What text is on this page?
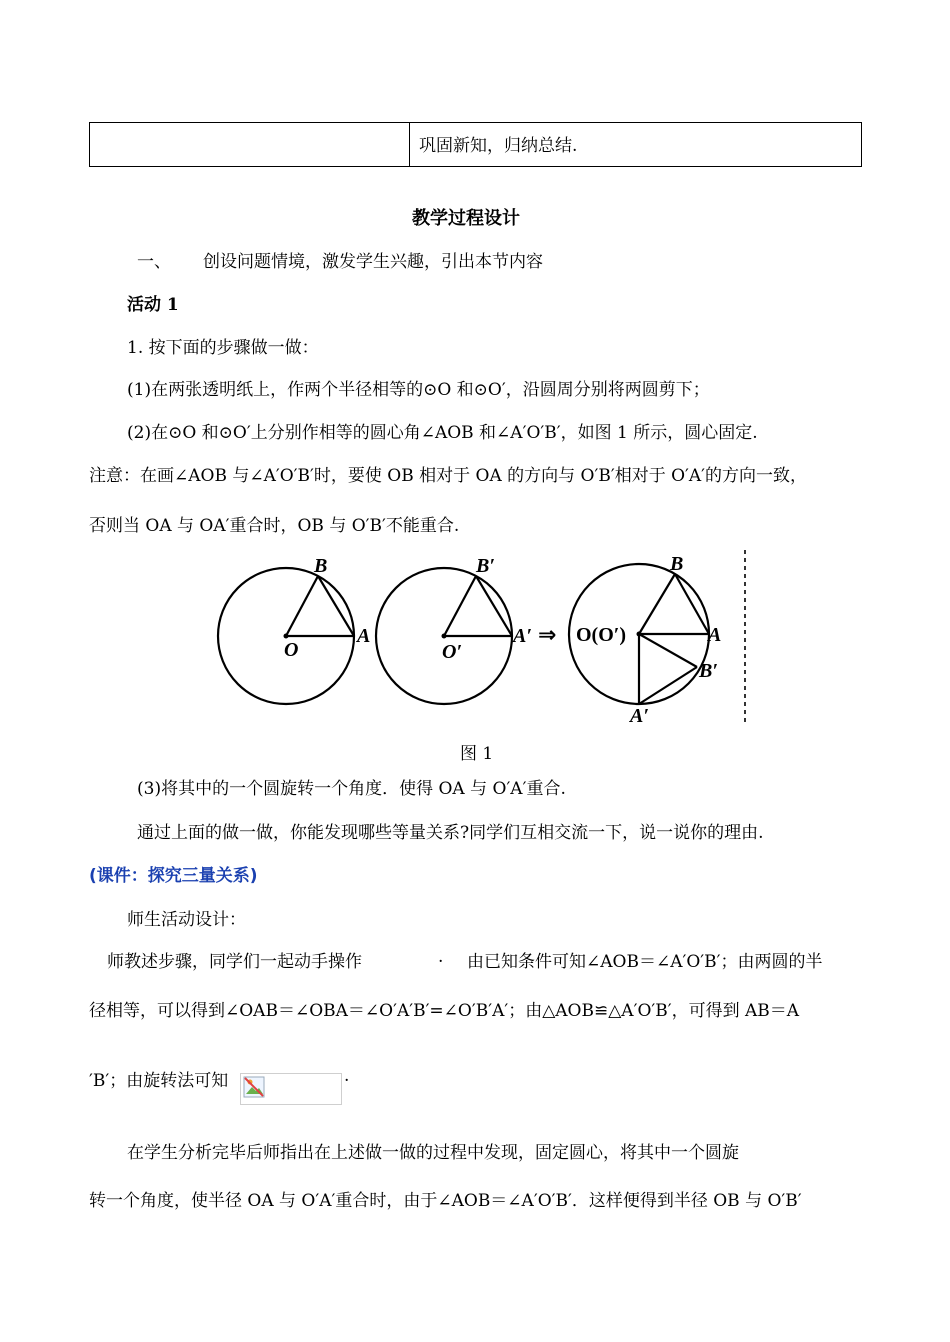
巩固新知，归纳总结.
教学过程设计
一、 创设问题情境，激发学生兴趣，引出本节内容
活动 1
1. 按下面的步骤做一做：
(1)在两张透明纸上，作两个半径相等的⊙O 和⊙O′，沿圆周分别将两圆剪下；
(2)在⊙O 和⊙O′上分别作相等的圆心角∠AOB 和∠A′O′B′，如图 1 所示，圆心固定.
注意：在画∠AOB 与∠A′O′B′时，要使 OB 相对于 OA 的方向与 O′B′相对于 O′A′的方向一致，
否则当 OA 与 OA′重合时，OB 与 O′B′不能重合.
B
A
O
B′
A′
O′
O(O′)
B
A
B′
A′
⇒
图 1
(3)将其中的一个圆旋转一个角度．使得 OA 与 O′A′重合.
通过上面的做一做，你能发现哪些等量关系?同学们互相交流一下，说一说你的理由.
(课件：探究三量关系)
师生活动设计：
师教述步骤，同学们一起动手操作	. 由已知条件可知∠AOB＝∠A′O′B′；由两圆的半
径相等，可以得到∠OAB＝∠OBA＝∠O′A′B′=∠O′B′A′；由△AOB≌△A′O′B′，可得到 AB＝A
′B′；由旋转法可知	.
在学生分析完毕后师指出在上述做一做的过程中发现，固定圆心，将其中一个圆旋
转一个角度，使半径 OA 与 O′A′重合时，由于∠AOB＝∠A′O′B′．这样便得到半径 OB 与 O′B′
